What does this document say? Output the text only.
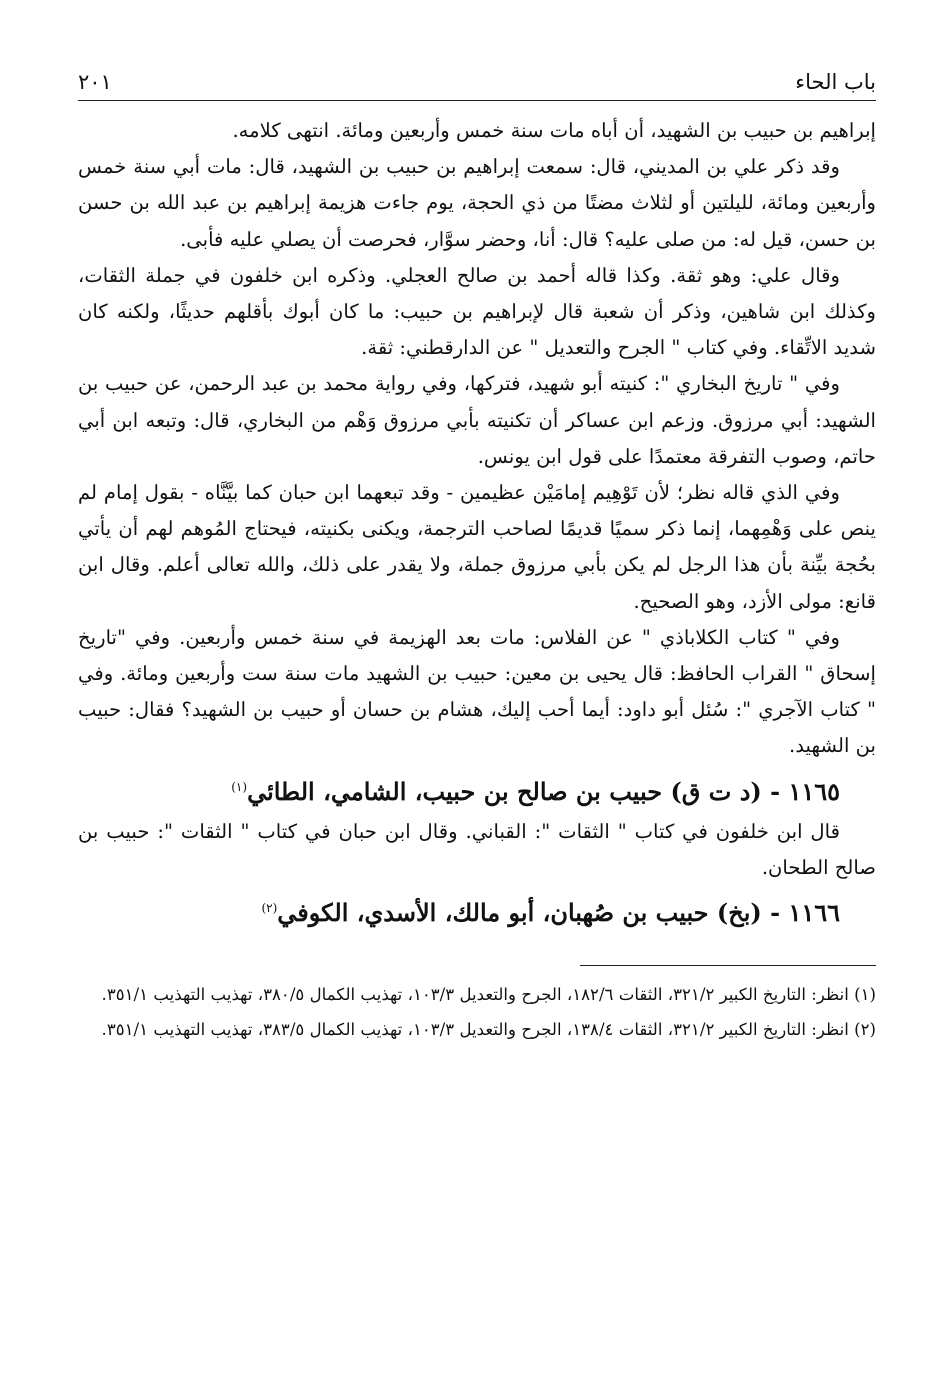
باب الحاء
٢٠١

إبراهيم بن حبيب بن الشهيد، أن أباه مات سنة خمس وأربعين ومائة. انتهى كلامه.

وقد ذكر علي بن المديني، قال: سمعت إبراهيم بن حبيب بن الشهيد، قال: مات أبي سنة خمس وأربعين ومائة، لليلتين أو لثلاث مضتًا من ذي الحجة، يوم جاءت هزيمة إبراهيم بن عبد الله بن حسن بن حسن، قيل له: من صلى عليه؟ قال: أنا، وحضر سوَّار، فحرصت أن يصلي عليه فأبى.

وقال علي: وهو ثقة. وكذا قاله أحمد بن صالح العجلي. وذكره ابن خلفون في جملة الثقات، وكذلك ابن شاهين، وذكر أن شعبة قال لإبراهيم بن حبيب: ما كان أبوك بأقلهم حديثًا، ولكنه كان شديد الاتِّقاء. وفي كتاب " الجرح والتعديل " عن الدارقطني: ثقة.

وفي " تاريخ البخاري ": كنيته أبو شهيد، فتركها، وفي رواية محمد بن عبد الرحمن، عن حبيب بن الشهيد: أبي مرزوق. وزعم ابن عساكر أن تكنيته بأبي مرزوق وَهْم من البخاري، قال: وتبعه ابن أبي حاتم، وصوب التفرقة معتمدًا على قول ابن يونس.

وفي الذي قاله نظر؛ لأن تَوْهِيم إمامَيْن عظيمين - وقد تبعهما ابن حبان كما بيَّنَّاه - بقول إمام لم ينص على وَهْمِهما، إنما ذكر سميًا قديمًا لصاحب الترجمة، ويكنى بكنيته، فيحتاج المُوهم لهم أن يأتي بحُجة بيِّنة بأن هذا الرجل لم يكن بأبي مرزوق جملة، ولا يقدر على ذلك، والله تعالى أعلم. وقال ابن قانع: مولى الأزد، وهو الصحيح.

وفي " كتاب الكلاباذي " عن الفلاس: مات بعد الهزيمة في سنة خمس وأربعين. وفي "تاريخ إسحاق " القراب الحافظ: قال يحيى بن معين: حبيب بن الشهيد مات سنة ست وأربعين ومائة. وفي " كتاب الآجري ": سُئل أبو داود: أيما أحب إليك، هشام بن حسان أو حبيب بن الشهيد؟ فقال: حبيب بن الشهيد.

١١٦٥ - (د ت ق) حبيب بن صالح بن حبيب، الشامي، الطائي$^{(١)}$

قال ابن خلفون في كتاب " الثقات ": القباني. وقال ابن حبان في كتاب " الثقات ": حبيب بن صالح الطحان.

١١٦٦ - (بخ) حبيب بن صُهبان، أبو مالك، الأسدي، الكوفي$^{(٢)}$

(١) انظر: التاريخ الكبير ٣٢١/٢، الثقات ١٨٢/٦، الجرح والتعديل ١٠٣/٣، تهذيب الكمال ٣٨٠/٥، تهذيب التهذيب ٣٥١/١.

(٢) انظر: التاريخ الكبير ٣٢١/٢، الثقات ١٣٨/٤، الجرح والتعديل ١٠٣/٣، تهذيب الكمال ٣٨٣/٥، تهذيب التهذيب ٣٥١/١.
